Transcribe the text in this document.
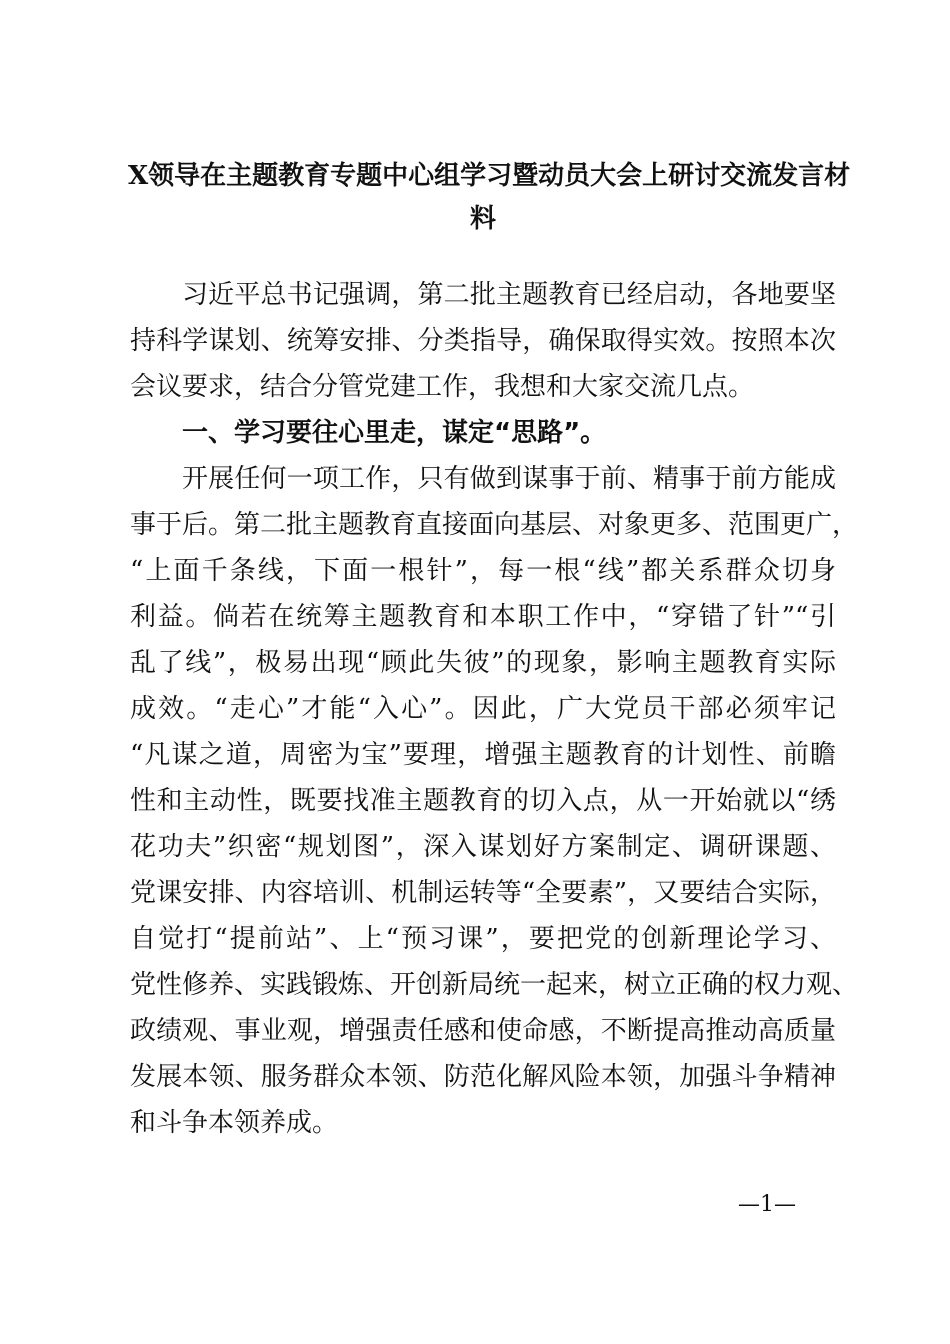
X领导在主题教育专题中心组学习暨动员大会上研讨交流发言材
料
习近平总书记强调，第二批主题教育已经启动，各地要坚
持科学谋划、统筹安排、分类指导，确保取得实效。按照本次
会议要求，结合分管党建工作，我想和大家交流几点。
一、学习要往心里走，谋定“思路”。
开展任何一项工作，只有做到谋事于前、精事于前方能成
事于后。第二批主题教育直接面向基层、对象更多、范围更广，
“上面千条线，下面一根针”，每一根“线”都关系群众切身
利益。倘若在统筹主题教育和本职工作中，“穿错了针”“引
乱了线”，极易出现“顾此失彼”的现象，影响主题教育实际
成效。“走心”才能“入心”。因此，广大党员干部必须牢记
“凡谋之道，周密为宝”要理，增强主题教育的计划性、前瞻
性和主动性，既要找准主题教育的切入点，从一开始就以“绣
花功夫”织密“规划图”，深入谋划好方案制定、调研课题、
党课安排、内容培训、机制运转等“全要素”，又要结合实际，
自觉打“提前站”、上“预习课”，要把党的创新理论学习、
党性修养、实践锻炼、开创新局统一起来，树立正确的权力观、
政绩观、事业观，增强责任感和使命感，不断提高推动高质量
发展本领、服务群众本领、防范化解风险本领，加强斗争精神
和斗争本领养成。
—1—
